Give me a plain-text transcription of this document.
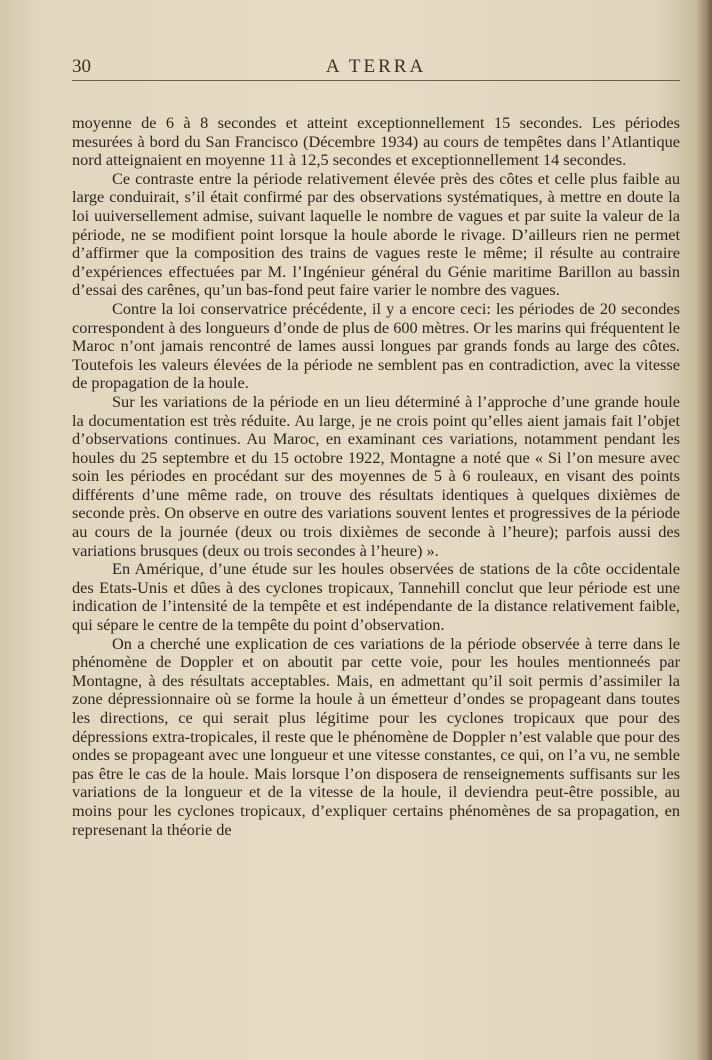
30	A TERRA

moyenne de 6 à 8 secondes et atteint exceptionnellement 15 secondes. Les périodes mesurées à bord du San Francisco (Décembre 1934) au cours de tempêtes dans l’Atlantique nord atteignaient en moyenne 11 à 12,5 secondes et exceptionnellement 14 secondes.

Ce contraste entre la période relativement élevée près des côtes et celle plus faible au large conduirait, s’il était confirmé par des observations systématiques, à mettre en doute la loi uuiversellement admise, suivant laquelle le nombre de vagues et par suite la valeur de la période, ne se modifient point lorsque la houle aborde le rivage. D’ailleurs rien ne permet d’affirmer que la composition des trains de vagues reste le même; il résulte au contraire d’expériences effectuées par M. l’Ingénieur général du Génie maritime Barillon au bassin d’essai des carênes, qu’un bas-fond peut faire varier le nombre des vagues.

Contre la loi conservatrice précédente, il y a encore ceci: les périodes de 20 secondes correspondent à des longueurs d’onde de plus de 600 mètres. Or les marins qui fréquentent le Maroc n’ont jamais rencontré de lames aussi longues par grands fonds au large des côtes. Toutefois les valeurs élevées de la période ne semblent pas en contradiction, avec la vitesse de propagation de la houle.

Sur les variations de la période en un lieu déterminé à l’approche d’une grande houle la documentation est très réduite. Au large, je ne crois point qu’elles aient jamais fait l’objet d’observations continues. Au Maroc, en examinant ces variations, notamment pendant les houles du 25 septembre et du 15 octobre 1922, Montagne a noté que « Si l’on mesure avec soin les périodes en procédant sur des moyennes de 5 à 6 rouleaux, en visant des points différents d’une même rade, on trouve des résultats identiques à quelques dixièmes de seconde près. On observe en outre des variations souvent lentes et progressives de la période au cours de la journée (deux ou trois dixièmes de seconde à l’heure); parfois aussi des variations brusques (deux ou trois secondes à l’heure) ».

En Amérique, d’une étude sur les houles observées de stations de la côte occidentale des Etats-Unis et dûes à des cyclones tropicaux, Tannehill conclut que leur période est une indication de l’intensité de la tempête et est indépendante de la distance relativement faible, qui sépare le centre de la tempête du point d’observation.

On a cherché une explication de ces variations de la période observée à terre dans le phénomène de Doppler et on aboutit par cette voie, pour les houles mentionneés par Montagne, à des résultats acceptables. Mais, en admettant qu’il soit permis d’assimiler la zone dépressionnaire où se forme la houle à un émetteur d’ondes se propageant dans toutes les directions, ce qui serait plus légitime pour les cyclones tropicaux que pour des dépressions extra-tropicales, il reste que le phénomène de Doppler n’est valable que pour des ondes se propageant avec une longueur et une vitesse constantes, ce qui, on l’a vu, ne semble pas être le cas de la houle. Mais lorsque l’on disposera de renseignements suffisants sur les variations de la longueur et de la vitesse de la houle, il deviendra peut-être possible, au moins pour les cyclones tropicaux, d’expliquer certains phénomènes de sa propagation, en represenant la théorie de
